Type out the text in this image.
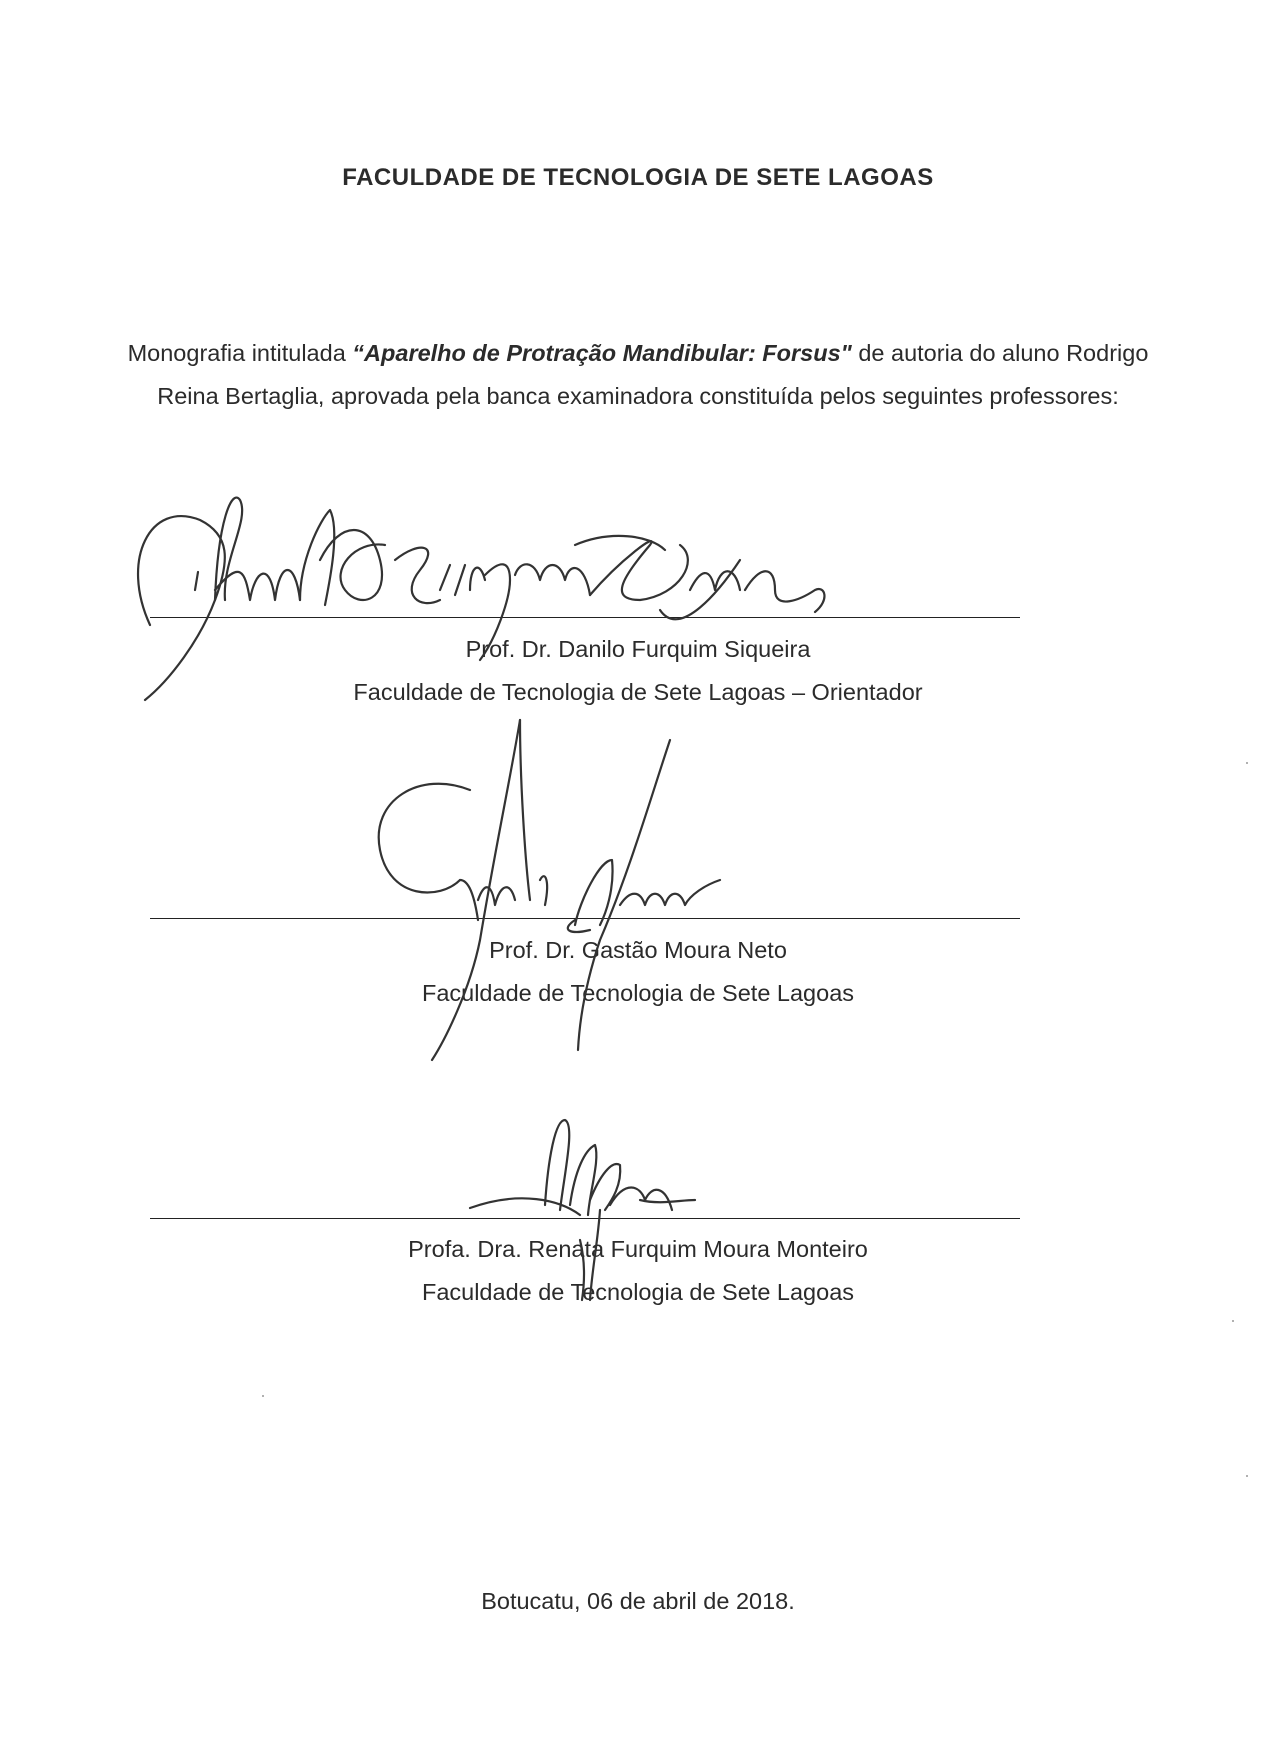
FACULDADE DE TECNOLOGIA DE SETE LAGOAS
Monografia intitulada “Aparelho de Protração Mandibular: Forsus" de autoria do aluno Rodrigo Reina Bertaglia, aprovada pela banca examinadora constituída pelos seguintes professores:
Prof. Dr. Danilo Furquim Siqueira
Faculdade de Tecnologia de Sete Lagoas – Orientador
Prof. Dr. Gastão Moura Neto
Faculdade de Tecnologia de Sete Lagoas
Profa. Dra. Renata Furquim Moura Monteiro
Faculdade de Tecnologia de Sete Lagoas
Botucatu, 06 de abril de 2018.
